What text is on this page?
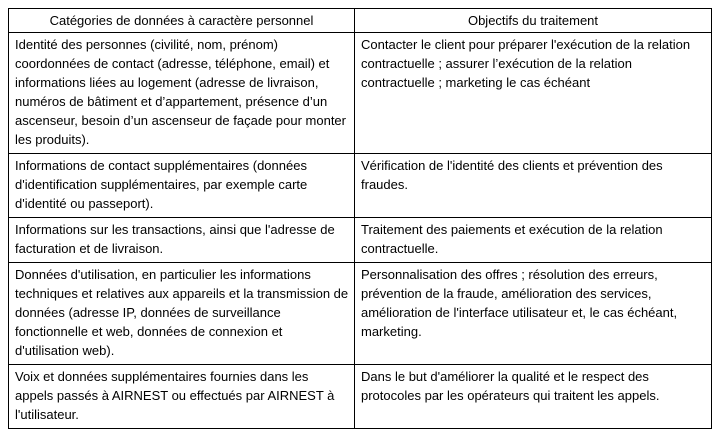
Catégories de données à caractère personnel	Objectifs du traitement
Identité des personnes (civilité, nom, prénom) coordonnées de contact (adresse, téléphone, email) et informations liées au logement (adresse de livraison, numéros de bâtiment et d’appartement, présence d’un ascenseur, besoin d’un ascenseur de façade pour monter les produits).	Contacter le client pour préparer l'exécution de la relation contractuelle ; assurer l’exécution de la relation contractuelle ; marketing le cas échéant
Informations de contact supplémentaires (données d'identification supplémentaires, par exemple carte d'identité ou passeport).	Vérification de l'identité des clients et prévention des fraudes.
Informations sur les transactions, ainsi que l'adresse de facturation et de livraison.	Traitement des paiements et exécution de la relation contractuelle.
Données d'utilisation, en particulier les informations techniques et relatives aux appareils et la transmission de données (adresse IP, données de surveillance fonctionnelle et web, données de connexion et d'utilisation web).	Personnalisation des offres ; résolution des erreurs, prévention de la fraude, amélioration des services, amélioration de l'interface utilisateur et, le cas échéant, marketing.
Voix et données supplémentaires fournies dans les appels passés à AIRNEST ou effectués par AIRNEST à l'utilisateur.	Dans le but d'améliorer la qualité et le respect des protocoles par les opérateurs qui traitent les appels.
